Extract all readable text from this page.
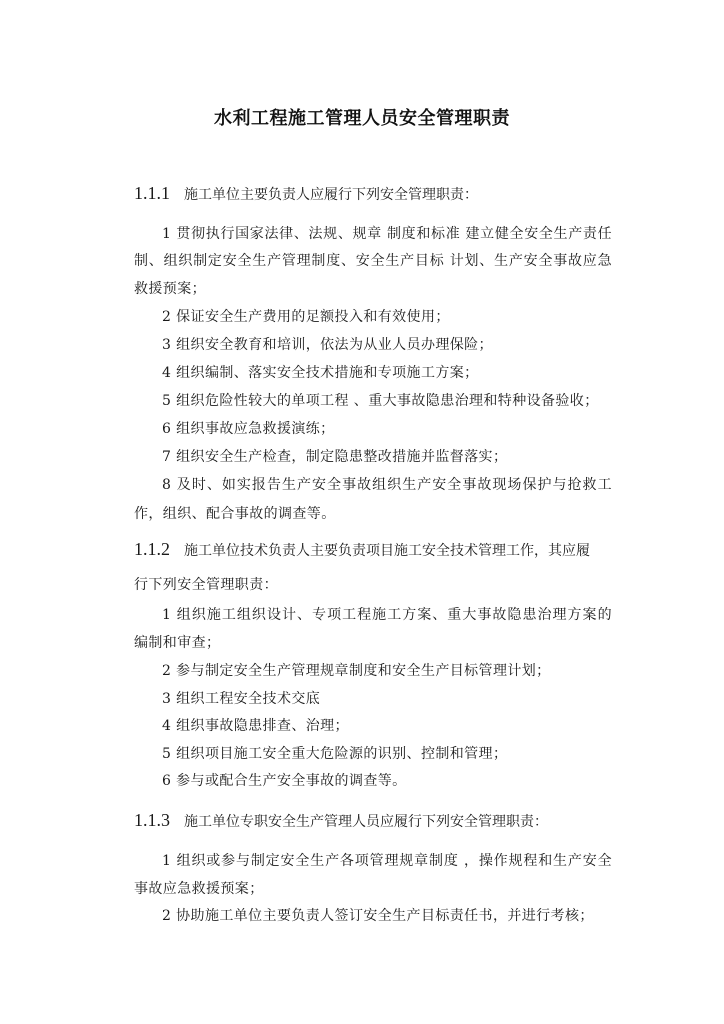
水利工程施工管理人员安全管理职责
1.1.1 施工单位主要负责人应履行下列安全管理职责：
1 贯彻执行国家法律、法规、规章 制度和标准 建立健全安全生产责任
制、组织制定安全生产管理制度、安全生产目标 计划、生产安全事故应急
救援预案；
2 保证安全生产费用的足额投入和有效使用；
3 组织安全教育和培训，依法为从业人员办理保险；
4 组织编制、落实安全技术措施和专项施工方案；
5 组织危险性较大的单项工程 、重大事故隐患治理和特种设备验收；
6 组织事故应急救援演练；
7 组织安全生产检查，制定隐患整改措施并监督落实；
8 及时、如实报告生产安全事故组织生产安全事故现场保护与抢救工
作，组织、配合事故的调查等。
1.1.2 施工单位技术负责人主要负责项目施工安全技术管理工作，其应履
行下列安全管理职责：
1 组织施工组织设计、专项工程施工方案、重大事故隐患治理方案的
编制和审查；
2 参与制定安全生产管理规章制度和安全生产目标管理计划；
3 组织工程安全技术交底
4 组织事故隐患排查、治理；
5 组织项目施工安全重大危险源的识别、控制和管理；
6 参与或配合生产安全事故的调查等。
1.1.3 施工单位专职安全生产管理人员应履行下列安全管理职责：
1 组织或参与制定安全生产各项管理规章制度 ，操作规程和生产安全
事故应急救援预案；
2 协助施工单位主要负责人签订安全生产目标责任书，并进行考核；
